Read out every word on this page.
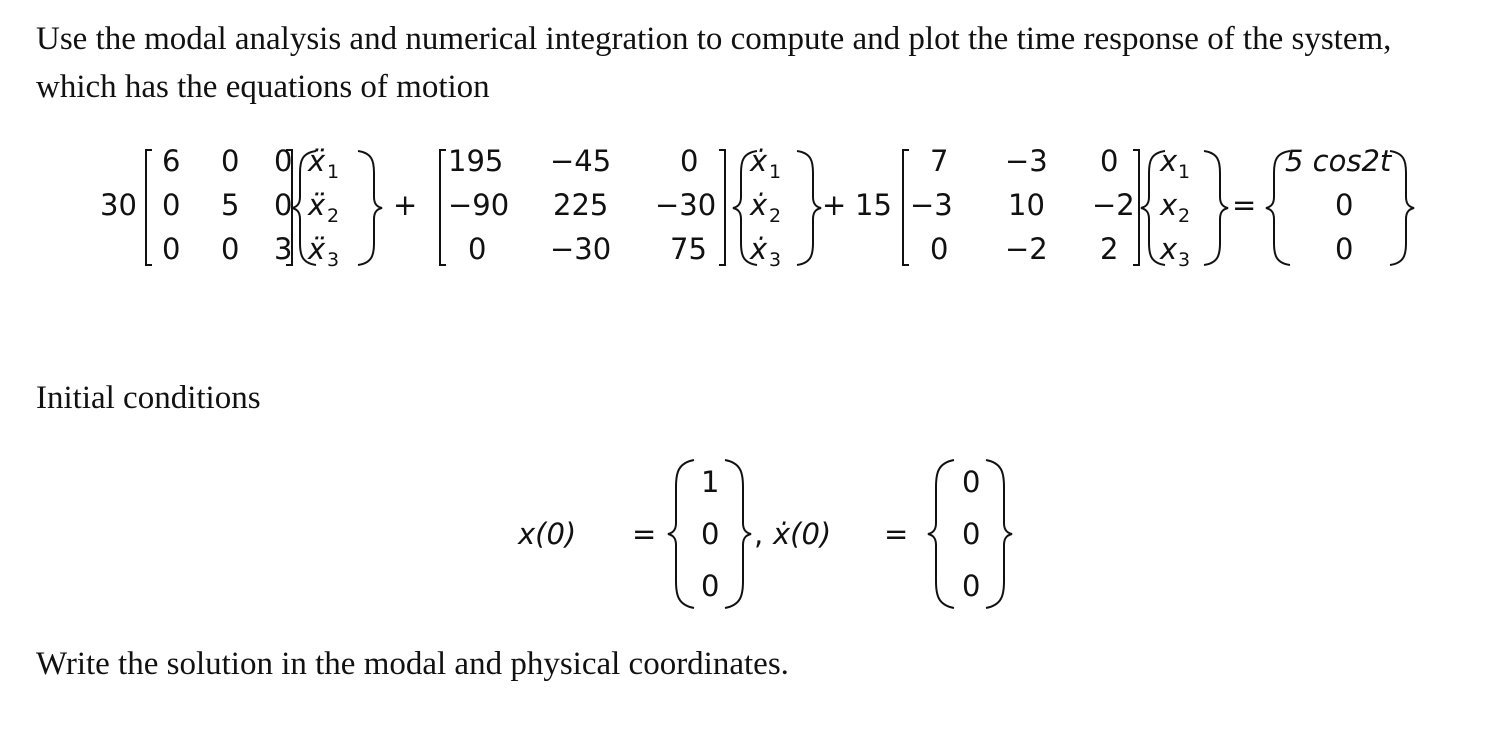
Use the modal analysis and numerical integration to compute and plot the time response of the system, which has the equations of motion

30
6 0 0
0 5 0
0 0 3
ẍ 1
ẍ 2
ẍ 3
+
195 −45 0
−90 225 −30
0 −30 75
ẋ 1
ẋ 2
ẋ 3
+ 15
7 −3 0
−3 10 −2
0 −2 2
x 1
x 2
x 3
=
5 cos2t
0
0

Initial conditions

x(0) =
1
0
0
, ẋ(0) =
0
0
0

Write the solution in the modal and physical coordinates.
